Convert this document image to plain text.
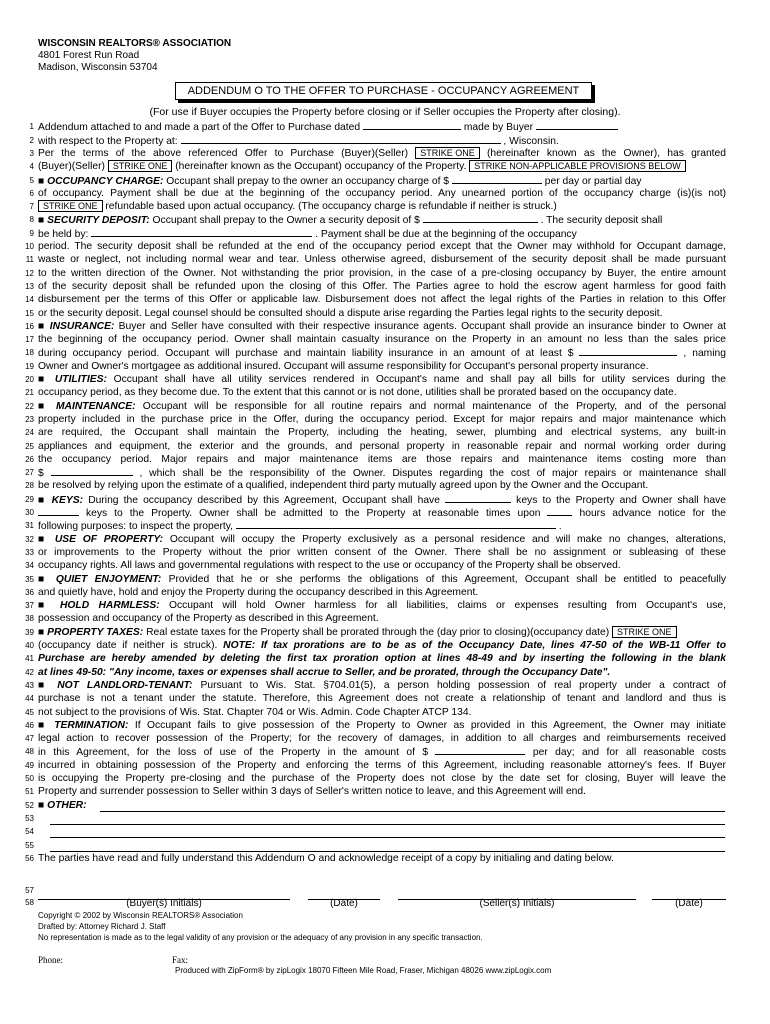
WISCONSIN REALTORS® ASSOCIATION
4801 Forest Run Road
Madison, Wisconsin 53704
ADDENDUM O TO THE OFFER TO PURCHASE - OCCUPANCY AGREEMENT
(For use if Buyer occupies the Property before closing or if Seller occupies the Property after closing).
1 Addendum attached to and made a part of the Offer to Purchase dated	made by Buyer
2 with respect to the Property at:	, Wisconsin.
3 Per the terms of the above referenced Offer to Purchase (Buyer)(Seller) STRIKE ONE (hereinafter known as the Owner), has granted
4 (Buyer)(Seller) STRIKE ONE (hereinafter known as the Occupant) occupancy of the Property. STRIKE NON-APPLICABLE PROVISIONS BELOW
5 ■ OCCUPANCY CHARGE: Occupant shall prepay to the owner an occupancy charge of $	per day or partial day
6 of occupancy. Payment shall be due at the beginning of the occupancy period. Any unearned portion of the occupancy charge (is)(is not)
7	STRIKE ONE refundable based upon actual occupancy. (The occupancy charge is refundable if neither is struck.)
8 ■ SECURITY DEPOSIT: Occupant shall prepay to the Owner a security deposit of $	. The security deposit shall
9 be held by:	. Payment shall be due at the beginning of the occupancy
10 period. The security deposit shall be refunded at the end of the occupancy period except that the Owner may withhold for Occupant damage,
11 waste or neglect, not including normal wear and tear. Unless otherwise agreed, disbursement of the security deposit shall be made pursuant
12 to the written direction of the Owner. Not withstanding the prior provision, in the case of a pre-closing occupancy by Buyer, the entire amount
13 of the security deposit shall be refunded upon the closing of this Offer. The Parties agree to hold the escrow agent harmless for good faith
14 disbursement per the terms of this Offer or applicable law. Disbursement does not affect the legal rights of the Parties in relation to this Offer
15 or the security deposit. Legal counsel should be consulted should a dispute arise regarding the Parties legal rights to the security deposit.
16 ■ INSURANCE: Buyer and Seller have consulted with their respective insurance agents. Occupant shall provide an insurance binder to Owner at
17 the beginning of the occupancy period. Owner shall maintain casualty insurance on the Property in an amount no less than the sales price
18 during occupancy period. Occupant will purchase and maintain liability insurance in an amount of at least $	, naming
19 Owner and Owner's mortgagee as additional insured. Occupant will assume responsibility for Occupant's personal property insurance.
20 ■ UTILITIES: Occupant shall have all utility services rendered in Occupant's name and shall pay all bills for utility services during the
21 occupancy period, as they become due. To the extent that this cannot or is not done, utilities shall be prorated based on the occupancy date.
22 ■ MAINTENANCE: Occupant will be responsible for all routine repairs and normal maintenance of the Property, and of the personal
23 property included in the purchase price in the Offer, during the occupancy period. Except for major repairs and major maintenance which
24 are required, the Occupant shall maintain the Property, including the heating, sewer, plumbing and electrical systems, any built-in
25 appliances and equipment, the exterior and the grounds, and personal property in reasonable repair and normal working order during
26 the occupancy period. Major repairs and major maintenance items are those repairs and maintenance items costing more than
27 $	, which shall be the responsibility of the Owner. Disputes regarding the cost of major repairs or maintenance shall
28 be resolved by relying upon the estimate of a qualified, independent third party mutually agreed upon by the Owner and the Occupant.
29 ■ KEYS: During the occupancy described by this Agreement, Occupant shall have	keys to the Property and Owner shall have
30	keys to the Property. Owner shall be admitted to the Property at reasonable times upon  hours advance notice for the
31 following purposes: to inspect the property,	.
32 ■ USE OF PROPERTY: Occupant will occupy the Property exclusively as a personal residence and will make no changes, alterations,
33 or improvements to the Property without the prior written consent of the Owner. There shall be no assignment or subleasing of these
34 occupancy rights. All laws and governmental regulations with respect to the use or occupancy of the Property shall be observed.
35 ■ QUIET ENJOYMENT: Provided that he or she performs the obligations of this Agreement, Occupant shall be entitled to peacefully
36 and quietly have, hold and enjoy the Property during the occupancy described in this Agreement.
37 ■ HOLD HARMLESS: Occupant will hold Owner harmless for all liabilities, claims or expenses resulting from Occupant's use,
38 possession and occupancy of the Property as described in this Agreement.
39 ■ PROPERTY TAXES: Real estate taxes for the Property shall be prorated through the (day prior to closing)(occupancy date) STRIKE ONE
40 (occupancy date if neither is struck). NOTE: If tax prorations are to be as of the Occupancy Date, lines 47-50 of the WB-11 Offer to
41 Purchase are hereby amended by deleting the first tax proration option at lines 48-49 and by inserting the following in the blank
42 at lines 49-50: "Any income, taxes or expenses shall accrue to Seller, and be prorated, through the Occupancy Date".
43 ■ NOT LANDLORD-TENANT: Pursuant to Wis. Stat. §704.01(5), a person holding possession of real property under a contract of
44 purchase is not a tenant under the statute. Therefore, this Agreement does not create a relationship of tenant and landlord and thus is
45 not subject to the provisions of Wis. Stat. Chapter 704 or Wis. Admin. Code Chapter ATCP 134.
46 ■ TERMINATION: If Occupant fails to give possession of the Property to Owner as provided in this Agreement, the Owner may initiate
47 legal action to recover possession of the Property; for the recovery of damages, in addition to all charges and reimbursements received
48 in this Agreement, for the loss of use of the Property in the amount of $	per day; and for all reasonable costs
49 incurred in obtaining possession of the Property and enforcing the terms of this Agreement, including reasonable attorney's fees. If Buyer
50 is occupying the Property pre-closing and the purchase of the Property does not close by the date set for closing, Buyer will leave the
51 Property and surrender possession to Seller within 3 days of Seller's written notice to leave, and this Agreement will end.
52 ■ OTHER:
53
54
55
56 The parties have read and fully understand this Addendum O and acknowledge receipt of a copy by initialing and dating below.
57
58	(Buyer(s) Initials)	(Date)	(Seller(s) Initials)	(Date)
Copyright © 2002 by Wisconsin REALTORS® Association
Drafted by: Attorney Richard J. Staff
No representation is made as to the legal validity of any provision or the adequacy of any provision in any specific transaction.
Phone:	Fax:
Produced with ZipForm® by zipLogix 18070 Fifteen Mile Road, Fraser, Michigan 48026 www.zipLogix.com
